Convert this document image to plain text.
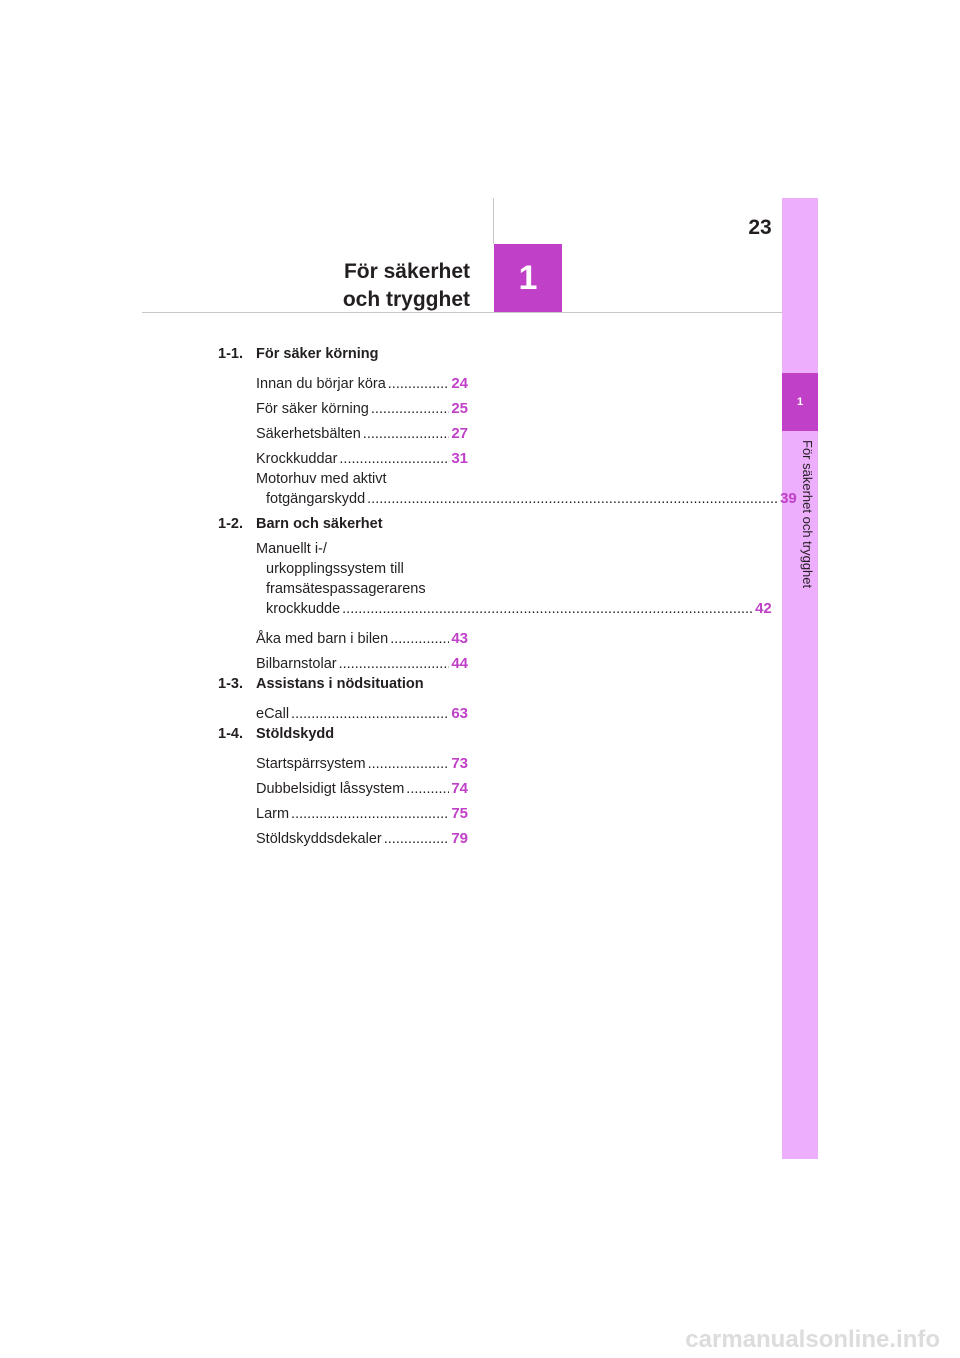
23
För säkerhet
och trygghet
1
1
För säkerhet och trygghet
1-1. För säker körning
Innan du börjar köra .....	24
För säker körning .....	25
Säkerhetsbälten .....	27
Krockkuddar .....	31
Motorhuv med aktivt
fotgängarskydd .....	39
1-2. Barn och säkerhet
Manuellt i-/
urkopplingssystem till
framsätespassagerarens
krockkudde .....	42
Åka med barn i bilen .....	43
Bilbarnstolar .....	44
1-3. Assistans i nödsituation
eCall .....	63
1-4. Stöldskydd
Startspärrsystem .....	73
Dubbelsidigt låssystem .....	74
Larm .....	75
Stöldskyddsdekaler .....	79
carmanualsonline.info
